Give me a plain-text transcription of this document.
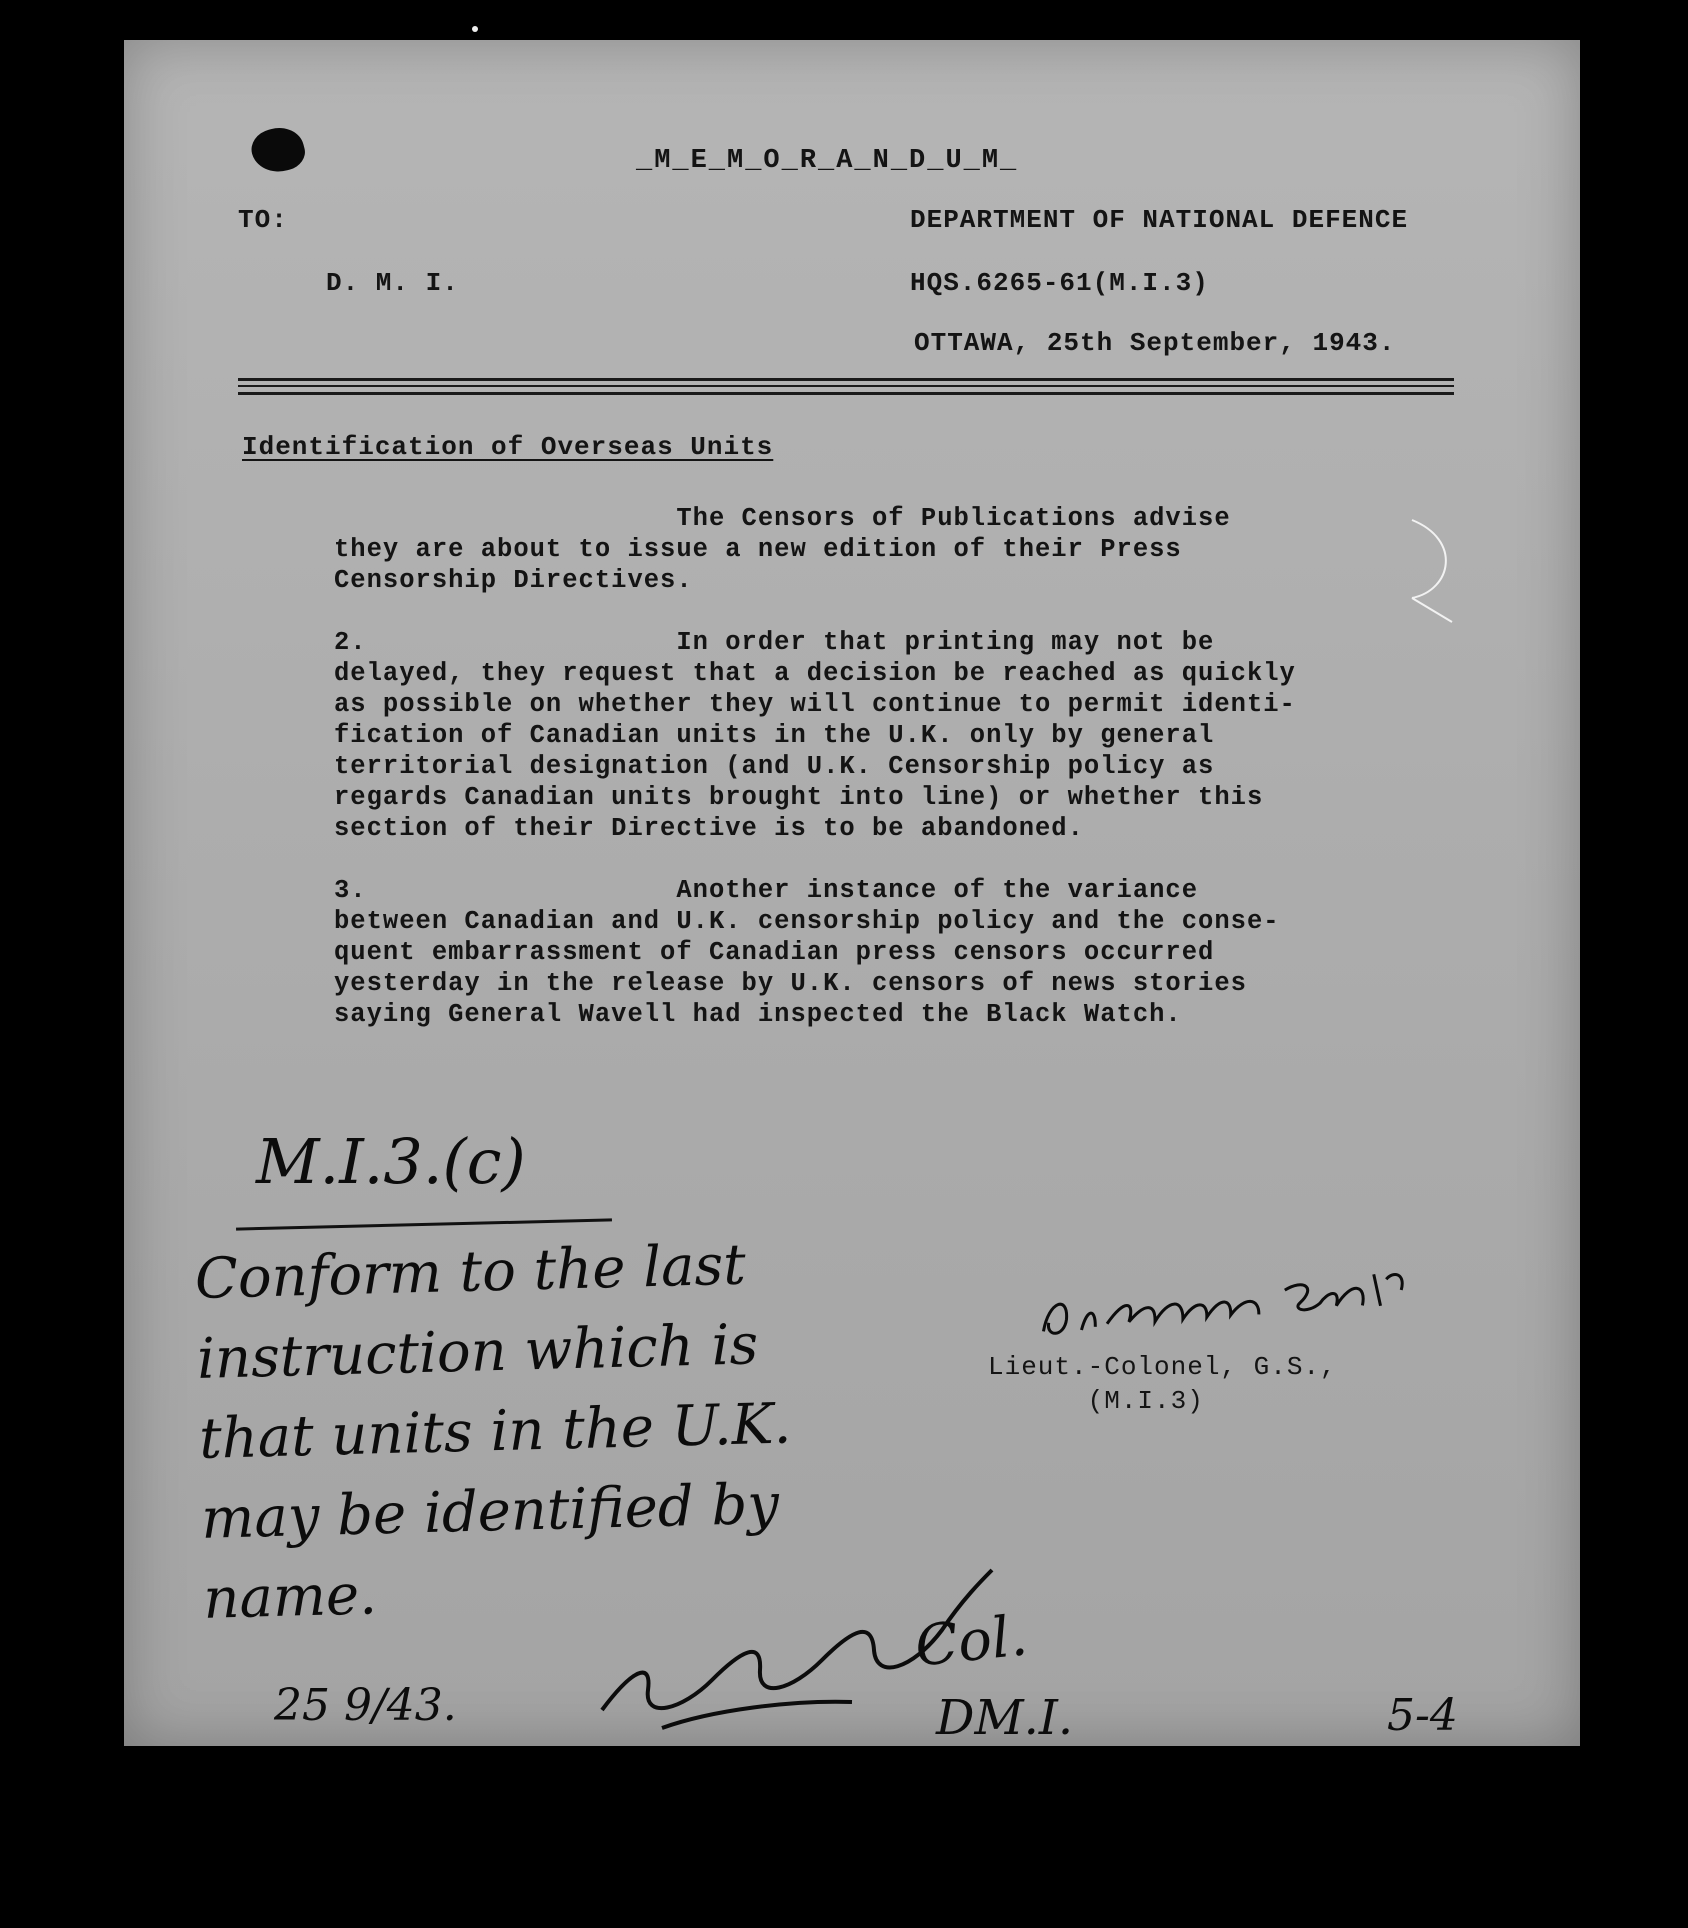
_M_E_M_O_R_A_N_D_U_M_
TO:	DEPARTMENT OF NATIONAL DEFENCE
D. M. I.	HQS.6265-61(M.I.3)
OTTAWA, 25th September, 1943.
Identification of Overseas Units
The Censors of Publications advise
they are about to issue a new edition of their Press
Censorship Directives.
2.                   In order that printing may not be
delayed, they request that a decision be reached as quickly
as possible on whether they will continue to permit identi-
fication of Canadian units in the U.K. only by general
territorial designation (and U.K. Censorship policy as
regards Canadian units brought into line) or whether this
section of their Directive is to be abandoned.
3.                   Another instance of the variance
between Canadian and U.K. censorship policy and the conse-
quent embarrassment of Canadian press censors occurred
yesterday in the release by U.K. censors of news stories
saying General Wavell had inspected the Black Watch.
M.I.3.(c)
Conform to the last
instruction which is
that units in the U.K.
may be identified by
name.
Lieut.-Colonel, G.S.,
(M.I.3)
Col.
DM.I.
25 9/43.	5-4
